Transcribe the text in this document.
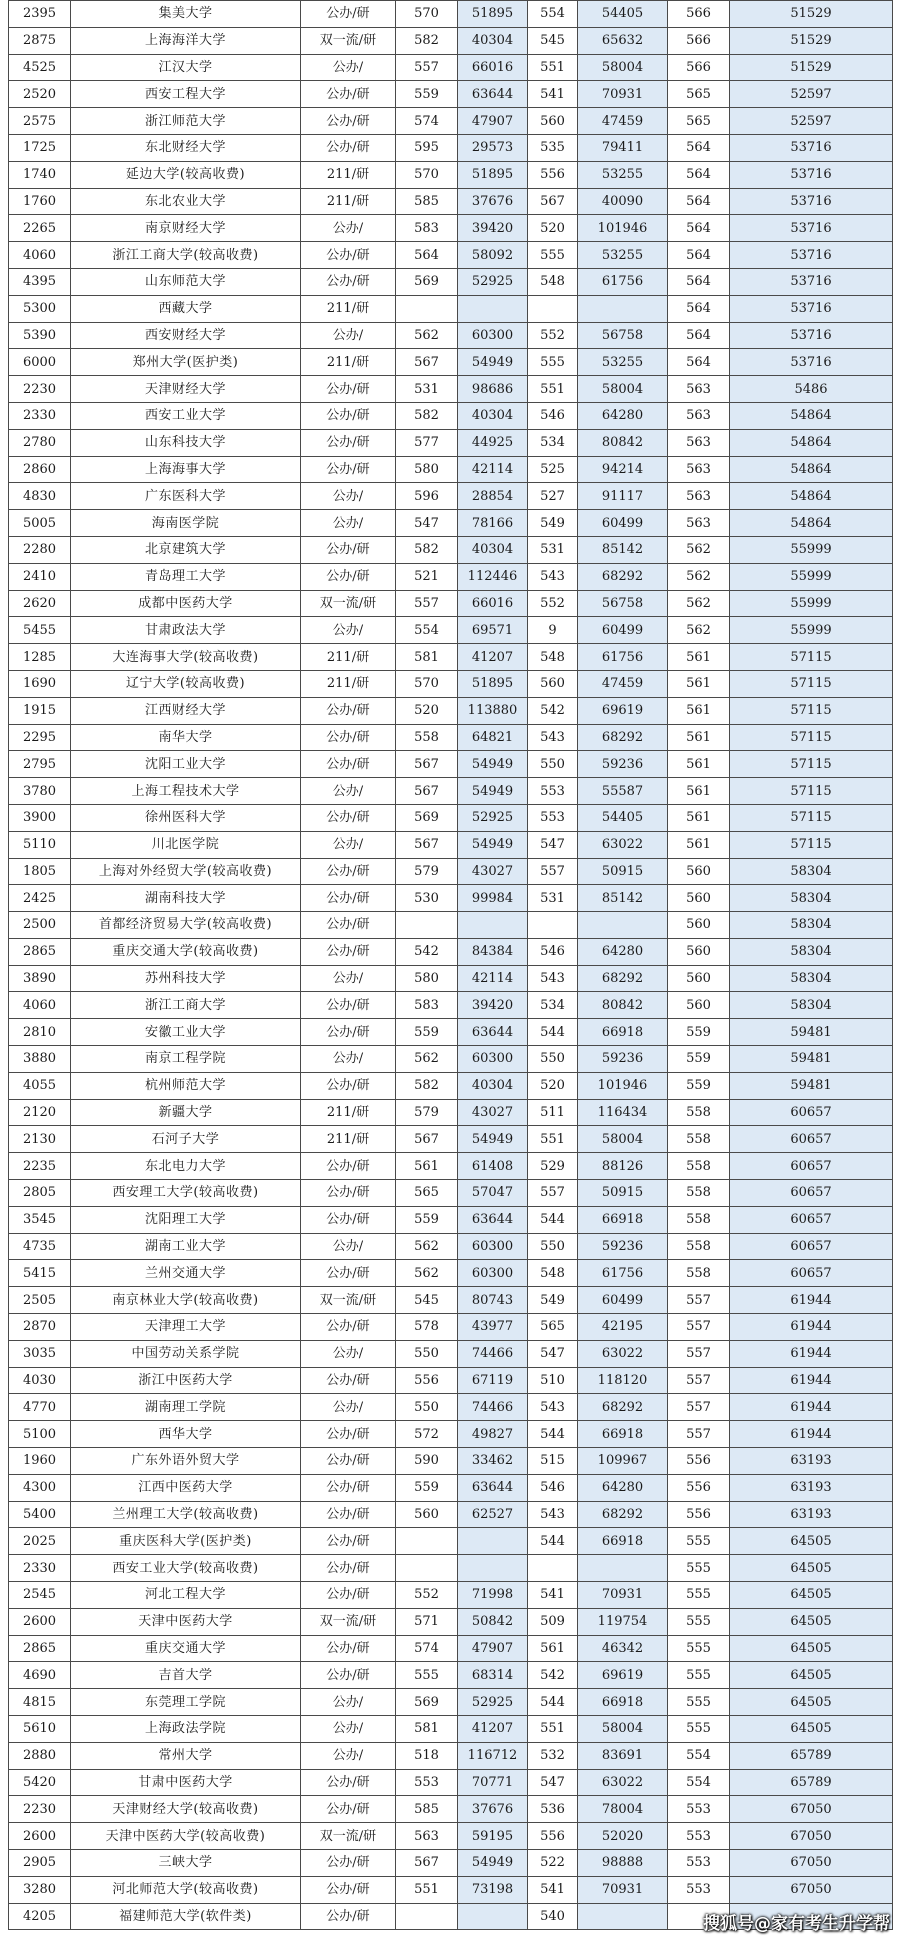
2395	集美大学	公办/研	570	51895	554	54405	566	51529
2875	上海海洋大学	双一流/研	582	40304	545	65632	566	51529
4525	江汉大学	公办/	557	66016	551	58004	566	51529
2520	西安工程大学	公办/研	559	63644	541	70931	565	52597
2575	浙江师范大学	公办/研	574	47907	560	47459	565	52597
1725	东北财经大学	公办/研	595	29573	535	79411	564	53716
1740	延边大学(较高收费)	211/研	570	51895	556	53255	564	53716
1760	东北农业大学	211/研	585	37676	567	40090	564	53716
2265	南京财经大学	公办/	583	39420	520	101946	564	53716
4060	浙江工商大学(较高收费)	公办/研	564	58092	555	53255	564	53716
4395	山东师范大学	公办/研	569	52925	548	61756	564	53716
5300	西藏大学	211/研					564	53716
5390	西安财经大学	公办/	562	60300	552	56758	564	53716
6000	郑州大学(医护类)	211/研	567	54949	555	53255	564	53716
2230	天津财经大学	公办/研	531	98686	551	58004	563	5486
2330	西安工业大学	公办/研	582	40304	546	64280	563	54864
2780	山东科技大学	公办/研	577	44925	534	80842	563	54864
2860	上海海事大学	公办/研	580	42114	525	94214	563	54864
4830	广东医科大学	公办/	596	28854	527	91117	563	54864
5005	海南医学院	公办/	547	78166	549	60499	563	54864
2280	北京建筑大学	公办/研	582	40304	531	85142	562	55999
2410	青岛理工大学	公办/研	521	112446	543	68292	562	55999
2620	成都中医药大学	双一流/研	557	66016	552	56758	562	55999
5455	甘肃政法大学	公办/	554	69571	9	60499	562	55999
1285	大连海事大学(较高收费)	211/研	581	41207	548	61756	561	57115
1690	辽宁大学(较高收费)	211/研	570	51895	560	47459	561	57115
1915	江西财经大学	公办/研	520	113880	542	69619	561	57115
2295	南华大学	公办/研	558	64821	543	68292	561	57115
2795	沈阳工业大学	公办/研	567	54949	550	59236	561	57115
3780	上海工程技术大学	公办/	567	54949	553	55587	561	57115
3900	徐州医科大学	公办/研	569	52925	553	54405	561	57115
5110	川北医学院	公办/	567	54949	547	63022	561	57115
1805	上海对外经贸大学(较高收费)	公办/研	579	43027	557	50915	560	58304
2425	湖南科技大学	公办/研	530	99984	531	85142	560	58304
2500	首都经济贸易大学(较高收费)	公办/研					560	58304
2865	重庆交通大学(较高收费)	公办/研	542	84384	546	64280	560	58304
3890	苏州科技大学	公办/	580	42114	543	68292	560	58304
4060	浙江工商大学	公办/研	583	39420	534	80842	560	58304
2810	安徽工业大学	公办/研	559	63644	544	66918	559	59481
3880	南京工程学院	公办/	562	60300	550	59236	559	59481
4055	杭州师范大学	公办/研	582	40304	520	101946	559	59481
2120	新疆大学	211/研	579	43027	511	116434	558	60657
2130	石河子大学	211/研	567	54949	551	58004	558	60657
2235	东北电力大学	公办/研	561	61408	529	88126	558	60657
2805	西安理工大学(较高收费)	公办/研	565	57047	557	50915	558	60657
3545	沈阳理工大学	公办/研	559	63644	544	66918	558	60657
4735	湖南工业大学	公办/	562	60300	550	59236	558	60657
5415	兰州交通大学	公办/研	562	60300	548	61756	558	60657
2505	南京林业大学(较高收费)	双一流/研	545	80743	549	60499	557	61944
2870	天津理工大学	公办/研	578	43977	565	42195	557	61944
3035	中国劳动关系学院	公办/	550	74466	547	63022	557	61944
4030	浙江中医药大学	公办/研	556	67119	510	118120	557	61944
4770	湖南理工学院	公办/	550	74466	543	68292	557	61944
5100	西华大学	公办/研	572	49827	544	66918	557	61944
1960	广东外语外贸大学	公办/研	590	33462	515	109967	556	63193
4300	江西中医药大学	公办/研	559	63644	546	64280	556	63193
5400	兰州理工大学(较高收费)	公办/研	560	62527	543	68292	556	63193
2025	重庆医科大学(医护类)	公办/研			544	66918	555	64505
2330	西安工业大学(较高收费)	公办/研					555	64505
2545	河北工程大学	公办/研	552	71998	541	70931	555	64505
2600	天津中医药大学	双一流/研	571	50842	509	119754	555	64505
2865	重庆交通大学	公办/研	574	47907	561	46342	555	64505
4690	吉首大学	公办/研	555	68314	542	69619	555	64505
4815	东莞理工学院	公办/	569	52925	544	66918	555	64505
5610	上海政法学院	公办/	581	41207	551	58004	555	64505
2880	常州大学	公办/	518	116712	532	83691	554	65789
5420	甘肃中医药大学	公办/研	553	70771	547	63022	554	65789
2230	天津财经大学(较高收费)	公办/研	585	37676	536	78004	553	67050
2600	天津中医药大学(较高收费)	双一流/研	563	59195	556	52020	553	67050
2905	三峡大学	公办/研	567	54949	522	98888	553	67050
3280	河北师范大学(较高收费)	公办/研	551	73198	541	70931	553	67050
4205	福建师范大学(软件类)	公办/研			540				搜狐号@家有考生升学帮
